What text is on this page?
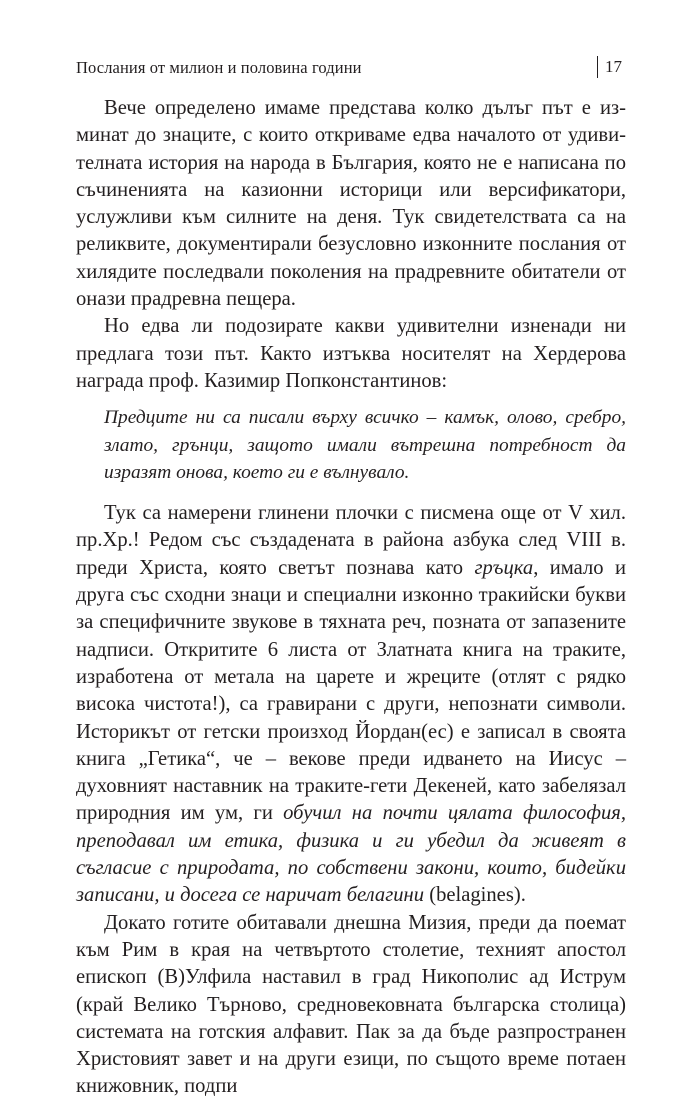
Послания от милион и половина години	17

Вече определено имаме представа колко дълъг път е изминат до знаците, с които откриваме едва началото от удивителната история на народа в България, която не е написана по съчиненията на казионни историци или версификатори, услужливи към силните на деня. Тук свидетелствата са на реликвите, документирали безусловно изконните послания от хилядите последвали поколения на прадревните обитатели от онази прадревна пещера.

Но едва ли подозирате какви удивителни изненади ни предлага този път. Както изтъква носителят на Хердерова награда проф. Казимир Попконстантинов:

Предците ни са писали върху всичко – камък, олово, сребро, злато, грънци, защото имали вътрешна потребност да изразят онова, което ги е вълнувало.

Тук са намерени глинени плочки с писмена още от V хил. пр.Хр.! Редом със създадената в района азбука след VIII в. преди Христа, която светът познава като гръцка, имало и друга със сходни знаци и специални изконно тракийски букви за специфичните звукове в тяхната реч, позната от запазените надписи. Откритите 6 листа от Златната книга на траките, изработена от метала на царете и жреците (отлят с рядко висока чистота!), са гравирани с други, непознати символи. Историкът от гетски произход Йордан(ес) е записал в своята книга „Гетика“, че – векове преди идването на Иисус – духовният наставник на траките-гети Декеней, като забелязал природния им ум, ги обучил на почти цялата философия, преподавал им етика, физика и ги убедил да живеят в съгласие с природата, по собствени закони, които, бидейки записани, и досега се наричат белагини (belagines).

Докато готите обитавали днешна Мизия, преди да поемат към Рим в края на четвъртото столетие, техният апостол епископ (В)Улфила наставил в град Никополис ад Иструм (край Велико Търново, средновековната българска столица) системата на готския алфавит. Пак за да бъде разпространен Христовият завет и на други езици, по същото време потаен книжовник, подпи
